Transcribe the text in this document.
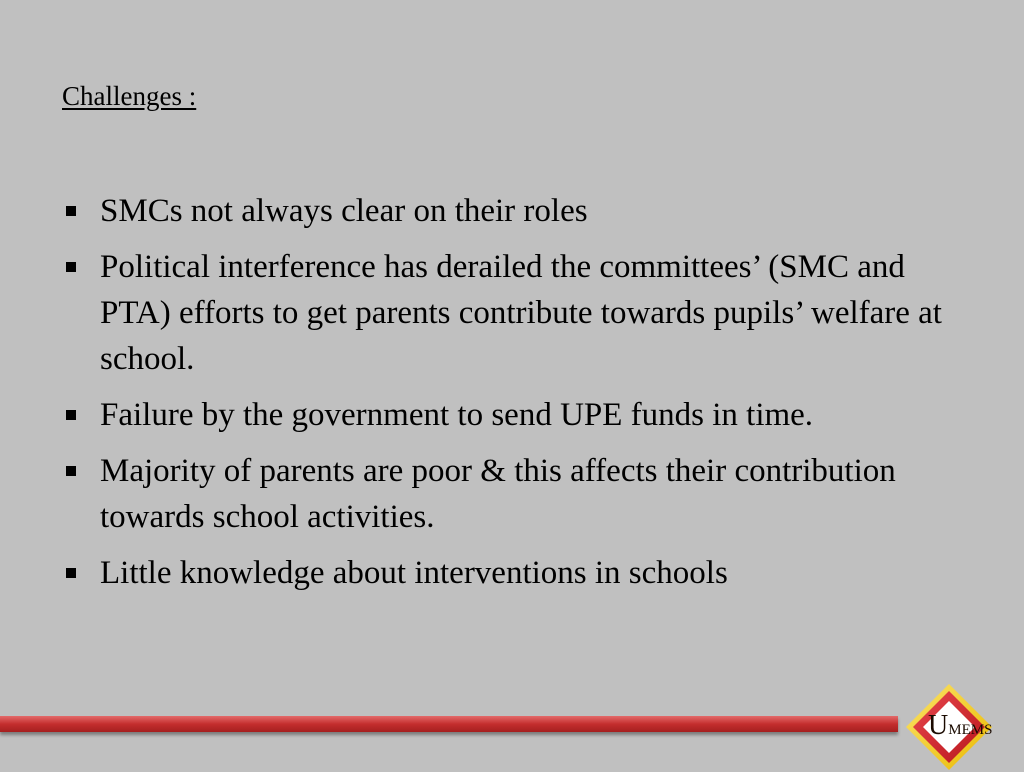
Challenges :
SMCs not always clear on their roles
Political interference has derailed the committees’ (SMC and PTA) efforts to get parents contribute towards pupils’ welfare at school.
Failure by the government to send UPE funds in time.
Majority of parents are poor & this affects their contribution towards school activities.
Little knowledge about interventions in schools
UMEMS
